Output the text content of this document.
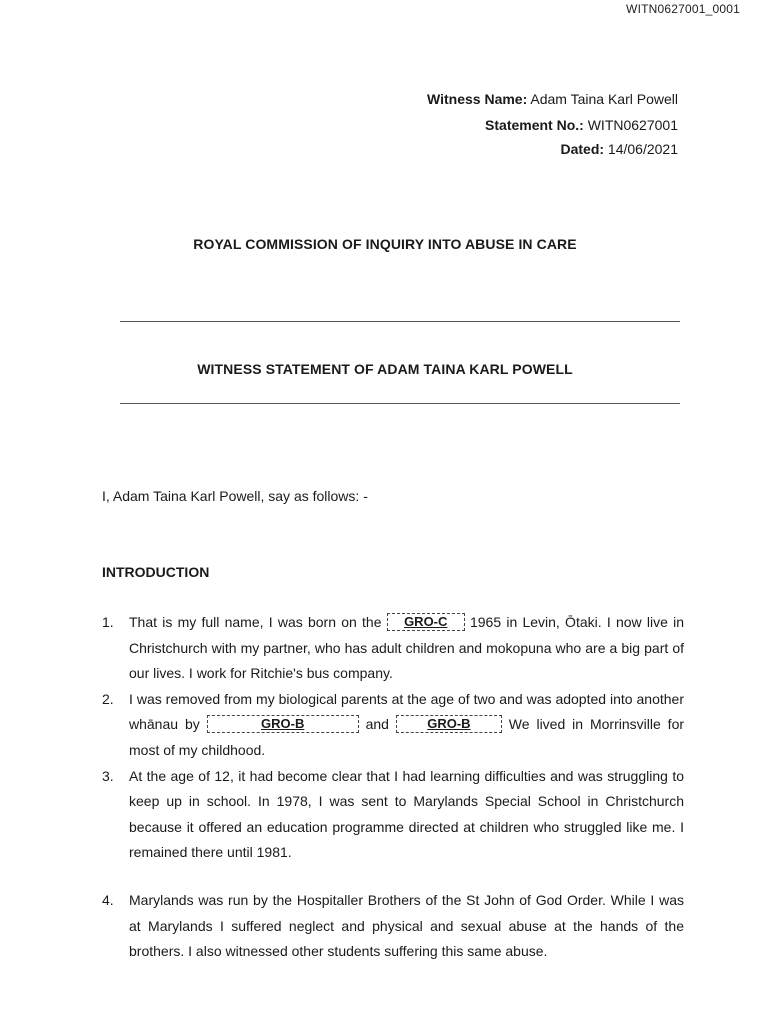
WITN0627001_0001
Witness Name: Adam Taina Karl Powell
Statement No.: WITN0627001
Dated: 14/06/2021
ROYAL COMMISSION OF INQUIRY INTO ABUSE IN CARE
WITNESS STATEMENT OF ADAM TAINA KARL POWELL
I, Adam Taina Karl Powell, say as follows: -
INTRODUCTION
1. That is my full name, I was born on the GRO-C 1965 in Levin, Ōtaki. I now live in Christchurch with my partner, who has adult children and mokopuna who are a big part of our lives. I work for Ritchie's bus company.
2. I was removed from my biological parents at the age of two and was adopted into another whānau by	GRO-B	and	GRO-B	We lived in Morrinsville for most of my childhood.
3. At the age of 12, it had become clear that I had learning difficulties and was struggling to keep up in school. In 1978, I was sent to Marylands Special School in Christchurch because it offered an education programme directed at children who struggled like me. I remained there until 1981.
4. Marylands was run by the Hospitaller Brothers of the St John of God Order. While I was at Marylands I suffered neglect and physical and sexual abuse at the hands of the brothers. I also witnessed other students suffering this same abuse.
